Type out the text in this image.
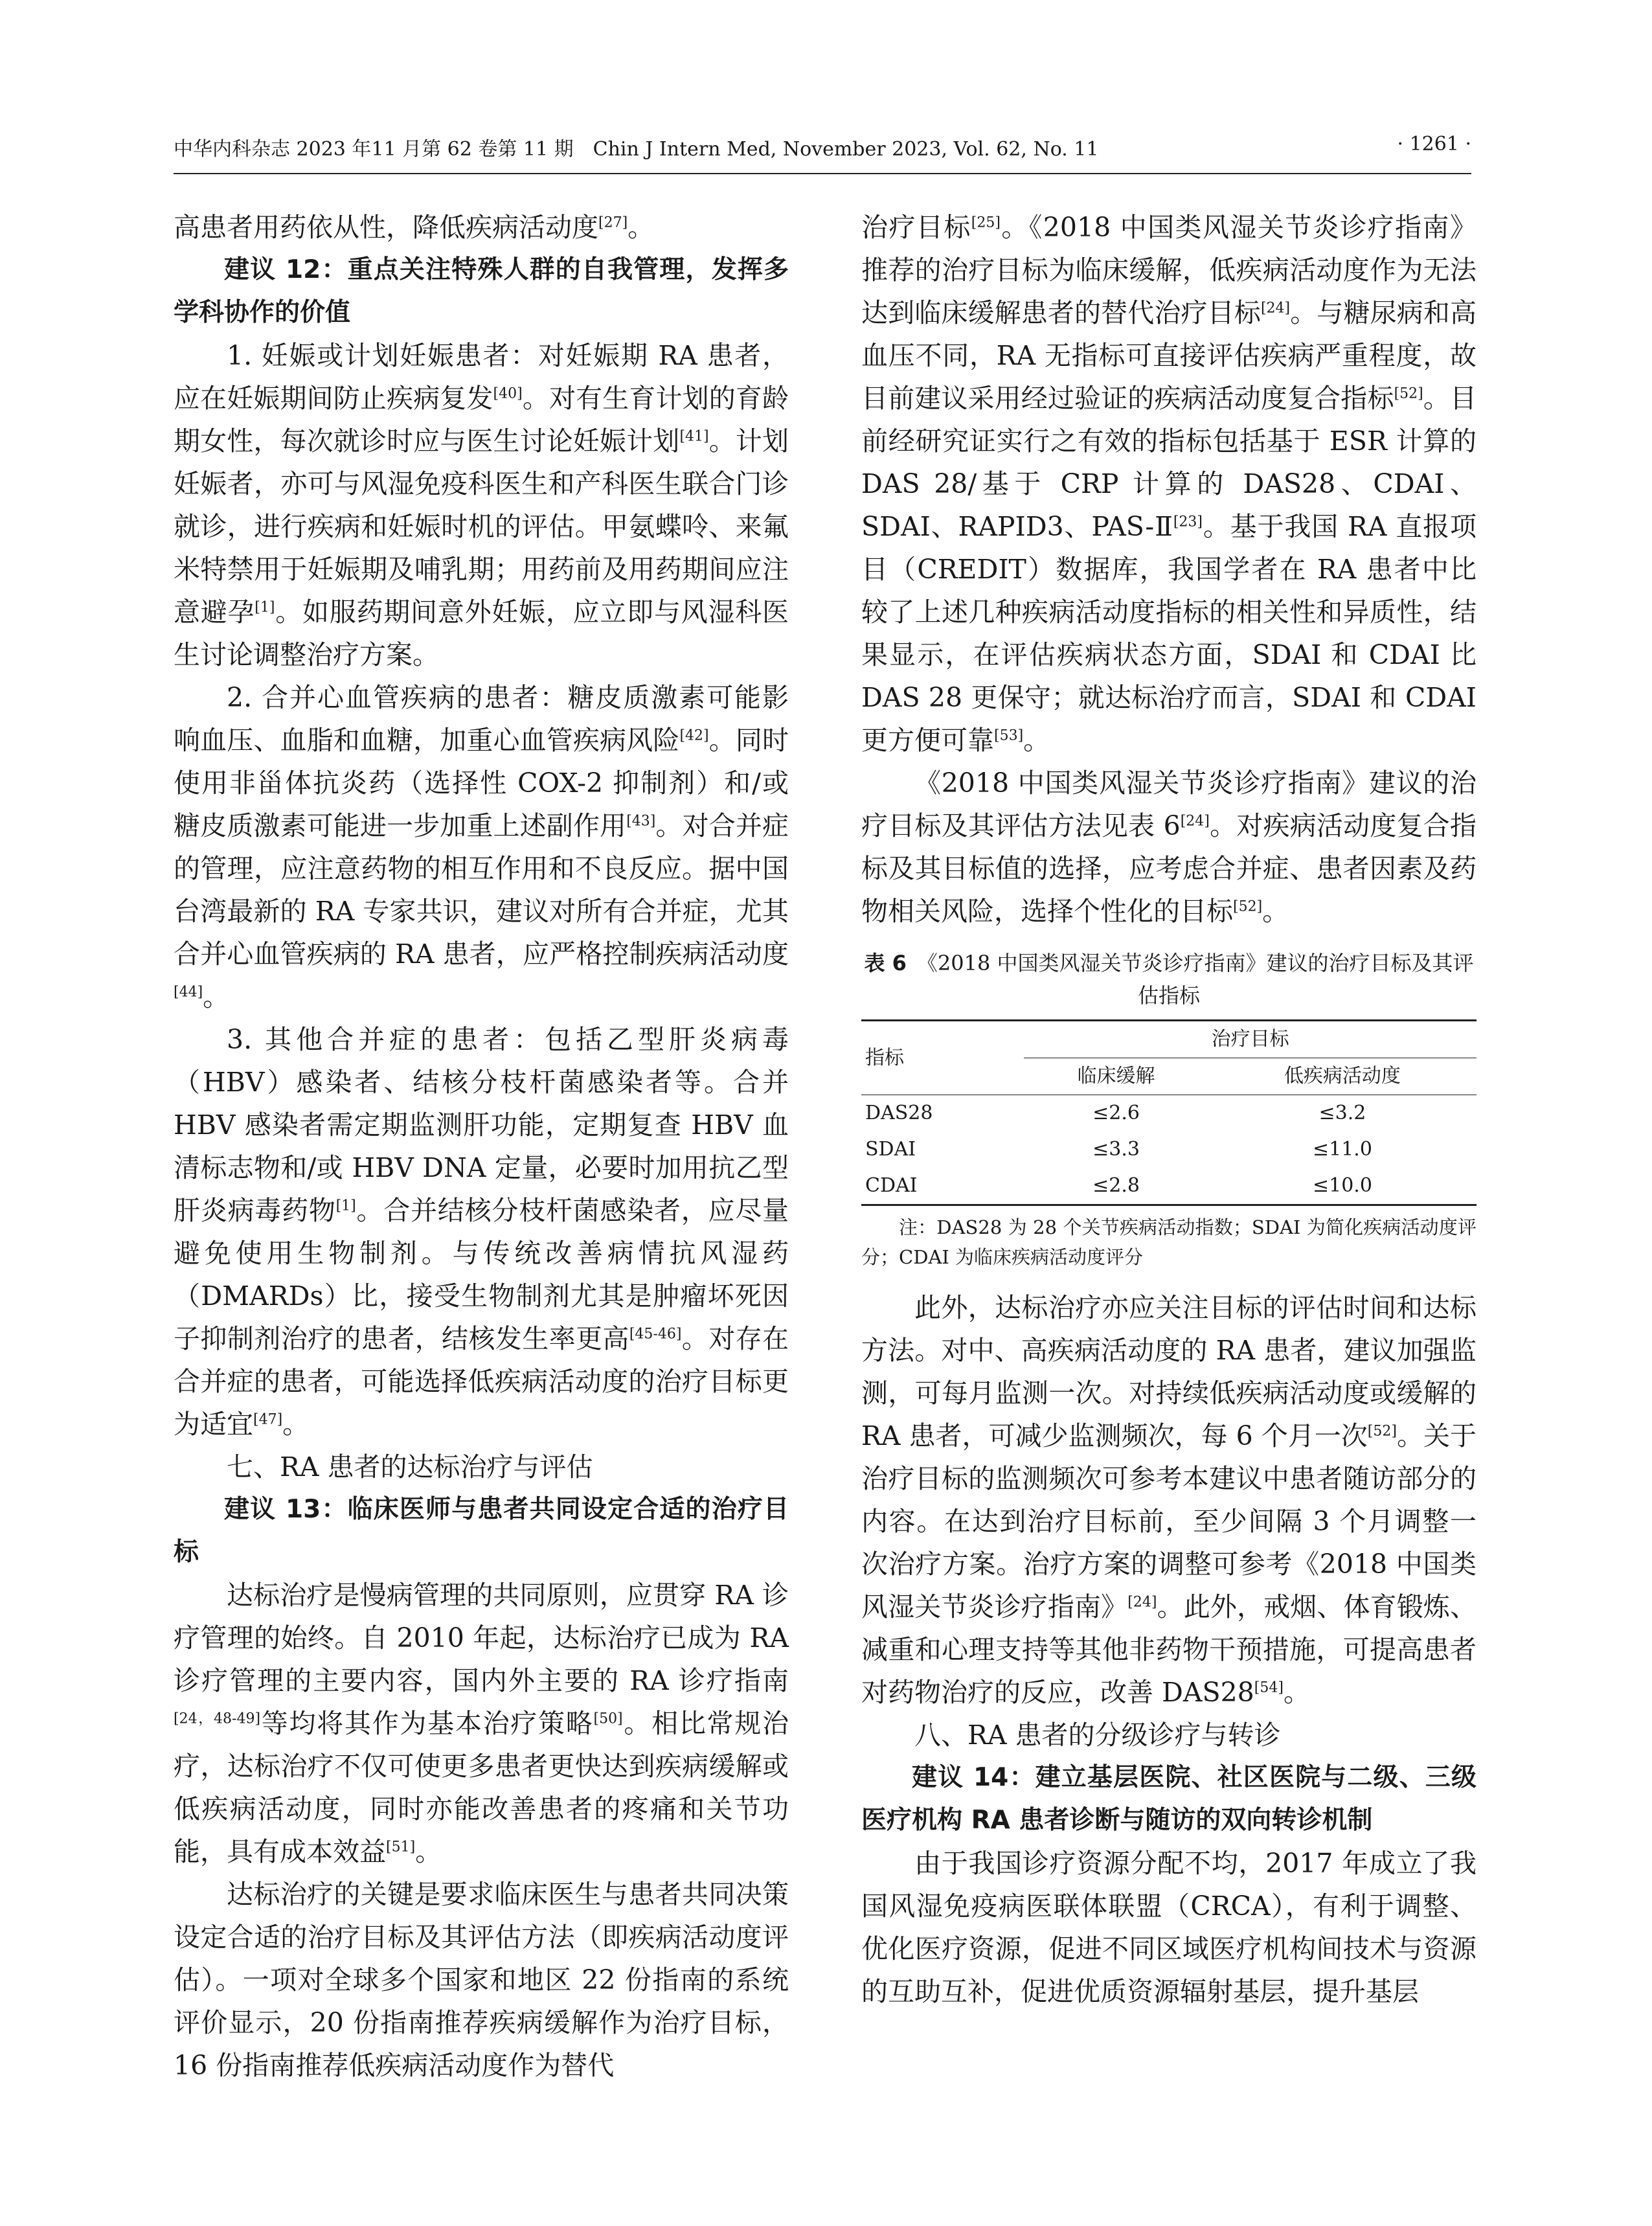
中华内科杂志 2023 年11 月第 62 卷第 11 期　Chin J Intern Med, November 2023, Vol. 62, No. 11	· 1261 ·

高患者用药依从性，降低疾病活动度[27]。

建议 12：重点关注特殊人群的自我管理，发挥多学科协作的价值

1. 妊娠或计划妊娠患者：对妊娠期 RA 患者，应在妊娠期间防止疾病复发[40]。对有生育计划的育龄期女性，每次就诊时应与医生讨论妊娠计划[41]。计划妊娠者，亦可与风湿免疫科医生和产科医生联合门诊就诊，进行疾病和妊娠时机的评估。甲氨蝶呤、来氟米特禁用于妊娠期及哺乳期；用药前及用药期间应注意避孕[1]。如服药期间意外妊娠，应立即与风湿科医生讨论调整治疗方案。

2. 合并心血管疾病的患者：糖皮质激素可能影响血压、血脂和血糖，加重心血管疾病风险[42]。同时使用非甾体抗炎药（选择性 COX-2 抑制剂）和/或糖皮质激素可能进一步加重上述副作用[43]。对合并症的管理，应注意药物的相互作用和不良反应。据中国台湾最新的 RA 专家共识，建议对所有合并症，尤其合并心血管疾病的 RA 患者，应严格控制疾病活动度[44]。

3. 其他合并症的患者：包括乙型肝炎病毒（HBV）感染者、结核分枝杆菌感染者等。合并 HBV 感染者需定期监测肝功能，定期复查 HBV 血清标志物和/或 HBV DNA 定量，必要时加用抗乙型肝炎病毒药物[1]。合并结核分枝杆菌感染者，应尽量避免使用生物制剂。与传统改善病情抗风湿药（DMARDs）比，接受生物制剂尤其是肿瘤坏死因子抑制剂治疗的患者，结核发生率更高[45-46]。对存在合并症的患者，可能选择低疾病活动度的治疗目标更为适宜[47]。

七、RA 患者的达标治疗与评估

建议 13：临床医师与患者共同设定合适的治疗目标

达标治疗是慢病管理的共同原则，应贯穿 RA 诊疗管理的始终。自 2010 年起，达标治疗已成为 RA 诊疗管理的主要内容，国内外主要的 RA 诊疗指南[24，48-49]等均将其作为基本治疗策略[50]。相比常规治疗，达标治疗不仅可使更多患者更快达到疾病缓解或低疾病活动度，同时亦能改善患者的疼痛和关节功能，具有成本效益[51]。

达标治疗的关键是要求临床医生与患者共同决策设定合适的治疗目标及其评估方法（即疾病活动度评估）。一项对全球多个国家和地区 22 份指南的系统评价显示，20 份指南推荐疾病缓解作为治疗目标，16 份指南推荐低疾病活动度作为替代

治疗目标[25]。《2018 中国类风湿关节炎诊疗指南》推荐的治疗目标为临床缓解，低疾病活动度作为无法达到临床缓解患者的替代治疗目标[24]。与糖尿病和高血压不同，RA 无指标可直接评估疾病严重程度，故目前建议采用经过验证的疾病活动度复合指标[52]。目前经研究证实行之有效的指标包括基于 ESR 计算的 DAS 28/基于 CRP 计算的 DAS28、CDAI、SDAI、RAPID3、PAS-Ⅱ[23]。基于我国 RA 直报项目（CREDIT）数据库，我国学者在 RA 患者中比较了上述几种疾病活动度指标的相关性和异质性，结果显示，在评估疾病状态方面，SDAI 和 CDAI 比 DAS 28 更保守；就达标治疗而言，SDAI 和 CDAI 更方便可靠[53]。

《2018 中国类风湿关节炎诊疗指南》建议的治疗目标及其评估方法见表 6[24]。对疾病活动度复合指标及其目标值的选择，应考虑合并症、患者因素及药物相关风险，选择个性化的目标[52]。

表 6　 《2018 中国类风湿关节炎诊疗指南》建议的治疗目标及其评估指标
指标	治疗目标	
	临床缓解	低疾病活动度
DAS28	≤2.6	≤3.2
SDAI	≤3.3	≤11.0
CDAI	≤2.8	≤10.0
注：DAS28 为 28 个关节疾病活动指数；SDAI 为简化疾病活动度评分；CDAI 为临床疾病活动度评分

此外，达标治疗亦应关注目标的评估时间和达标方法。对中、高疾病活动度的 RA 患者，建议加强监测，可每月监测一次。对持续低疾病活动度或缓解的 RA 患者，可减少监测频次，每 6 个月一次[52]。关于治疗目标的监测频次可参考本建议中患者随访部分的内容。在达到治疗目标前，至少间隔 3 个月调整一次治疗方案。治疗方案的调整可参考《2018 中国类风湿关节炎诊疗指南》[24]。此外，戒烟、体育锻炼、减重和心理支持等其他非药物干预措施，可提高患者对药物治疗的反应，改善 DAS28[54]。

八、RA 患者的分级诊疗与转诊

建议 14：建立基层医院、社区医院与二级、三级医疗机构 RA 患者诊断与随访的双向转诊机制

由于我国诊疗资源分配不均，2017 年成立了我国风湿免疫病医联体联盟（CRCA），有利于调整、优化医疗资源，促进不同区域医疗机构间技术与资源的互助互补，促进优质资源辐射基层，提升基层
